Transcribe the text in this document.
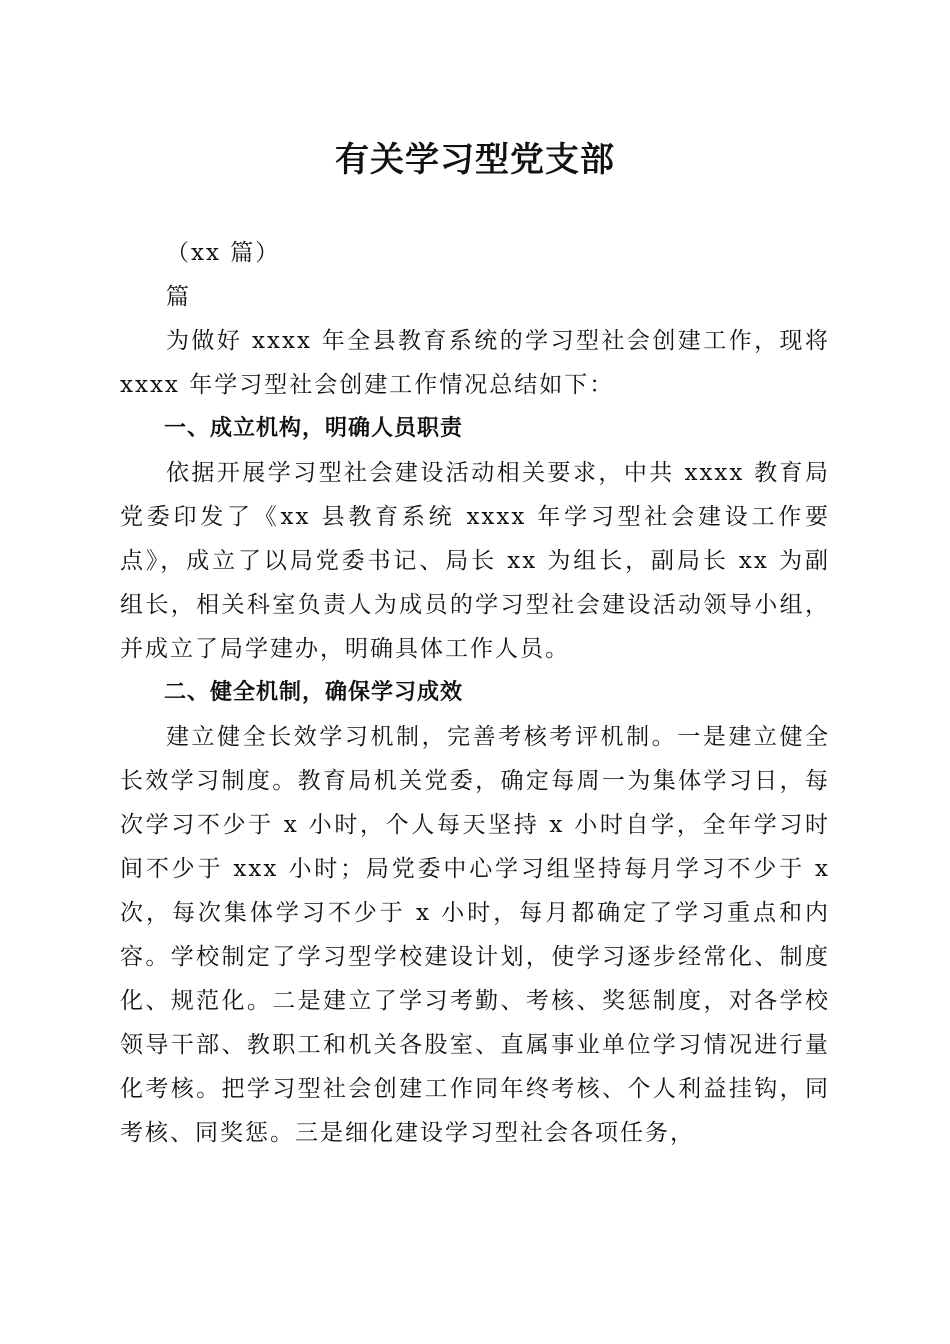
有关学习型党支部

（xx 篇）

篇

为做好 xxxx 年全县教育系统的学习型社会创建工作，现将 xxxx 年学习型社会创建工作情况总结如下：

一、成立机构，明确人员职责

依据开展学习型社会建设活动相关要求，中共 xxxx 教育局党委印发了《xx 县教育系统 xxxx 年学习型社会建设工作要点》，成立了以局党委书记、局长 xx 为组长，副局长 xx 为副组长，相关科室负责人为成员的学习型社会建设活动领导小组，并成立了局学建办，明确具体工作人员。

二、健全机制，确保学习成效

建立健全长效学习机制，完善考核考评机制。一是建立健全长效学习制度。教育局机关党委，确定每周一为集体学习日，每次学习不少于 x 小时，个人每天坚持 x 小时自学，全年学习时间不少于 xxx 小时；局党委中心学习组坚持每月学习不少于 x 次，每次集体学习不少于 x 小时，每月都确定了学习重点和内容。学校制定了学习型学校建设计划，使学习逐步经常化、制度化、规范化。二是建立了学习考勤、考核、奖惩制度，对各学校领导干部、教职工和机关各股室、直属事业单位学习情况进行量化考核。把学习型社会创建工作同年终考核、个人利益挂钩，同考核、同奖惩。三是细化建设学习型社会各项任务，
